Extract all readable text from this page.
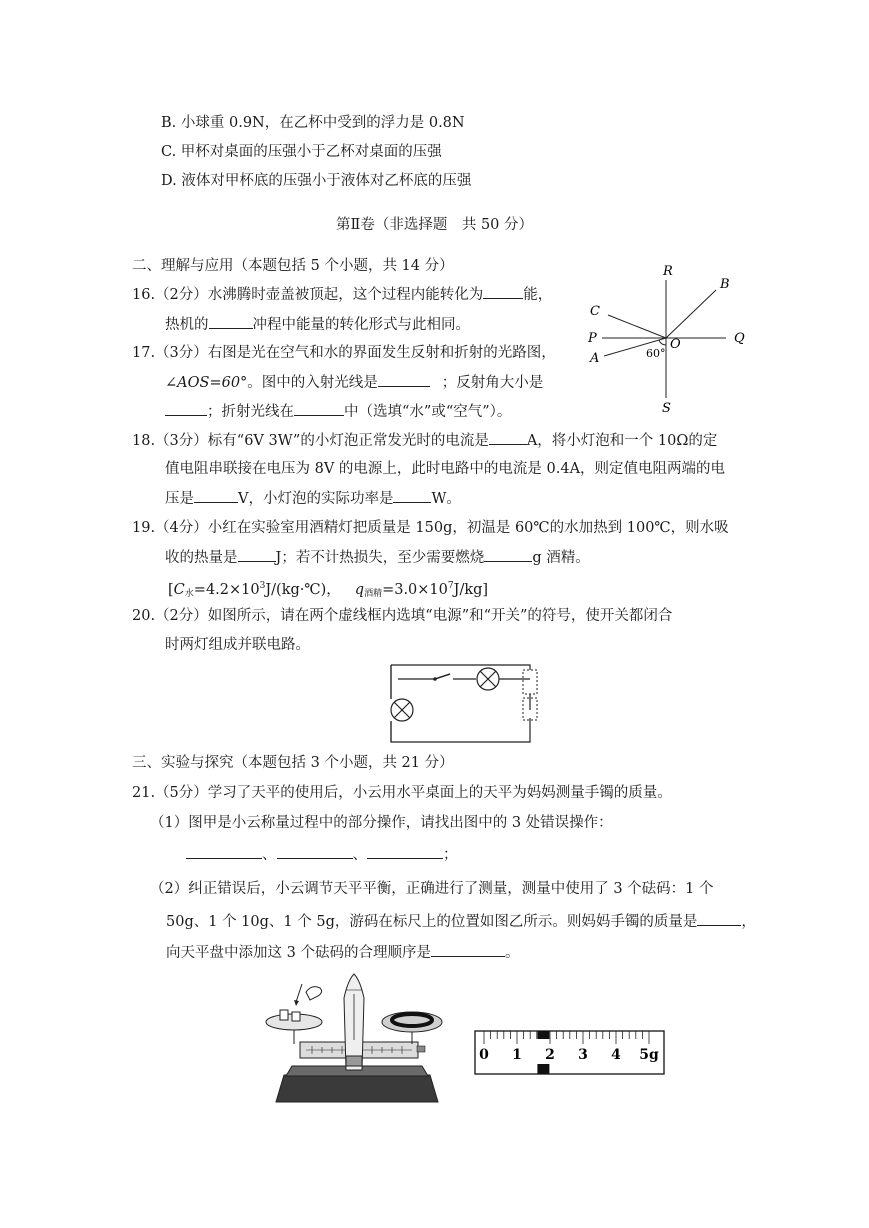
B. 小球重 0.9N，在乙杯中受到的浮力是 0.8N
C. 甲杯对桌面的压强小于乙杯对桌面的压强
D. 液体对甲杯底的压强小于液体对乙杯底的压强
第Ⅱ卷（非选择题　共 50 分）
二、理解与应用（本题包括 5 个小题，共 14 分）
16.（2分）水沸腾时壶盖被顶起，这个过程内能转化为	能，
热机的	冲程中能量的转化形式与此相同。
17.（3分）右图是光在空气和水的界面发生反射和折射的光路图，
∠AOS=60°。图中的入射光线是	；反射角大小是
；折射光线在	中（选填“水”或“空气”）。
18.（3分）标有“6V 3W”的小灯泡正常发光时的电流是	A，将小灯泡和一个 10Ω的定
值电阻串联接在电压为 8V 的电源上，此时电路中的电流是 0.4A，则定值电阻两端的电
压是	V，小灯泡的实际功率是	W。
19.（4分）小红在实验室用酒精灯把质量是 150g，初温是 60℃的水加热到 100℃，则水吸
收的热量是	J；若不计热损失，至少需要燃烧	g 酒精。
[$C_水=4.2\times 10^3J/(kg\cdot℃)$， $q_{酒精}=3.0\times 10^7J/kg$]
20.（2分）如图所示，请在两个虚线框内选填“电源”和“开关”的符号，使开关都闭合
时两灯组成并联电路。
R
B
C
P	Q
O
A	60°
S
三、实验与探究（本题包括 3 个小题，共 21 分）
21.（5分）学习了天平的使用后，小云用水平桌面上的天平为妈妈测量手镯的质量。
（1）图甲是小云称量过程中的部分操作，请找出图中的 3 处错误操作：
、	、	；
（2）纠正错误后，小云调节天平平衡，正确进行了测量，测量中使用了 3 个砝码：1 个
50g、1 个 10g、1 个 5g，游码在标尺上的位置如图乙所示。则妈妈手镯的质量是	，
向天平盘中添加这 3 个砝码的合理顺序是	。
0 1 2 3 4 5g
